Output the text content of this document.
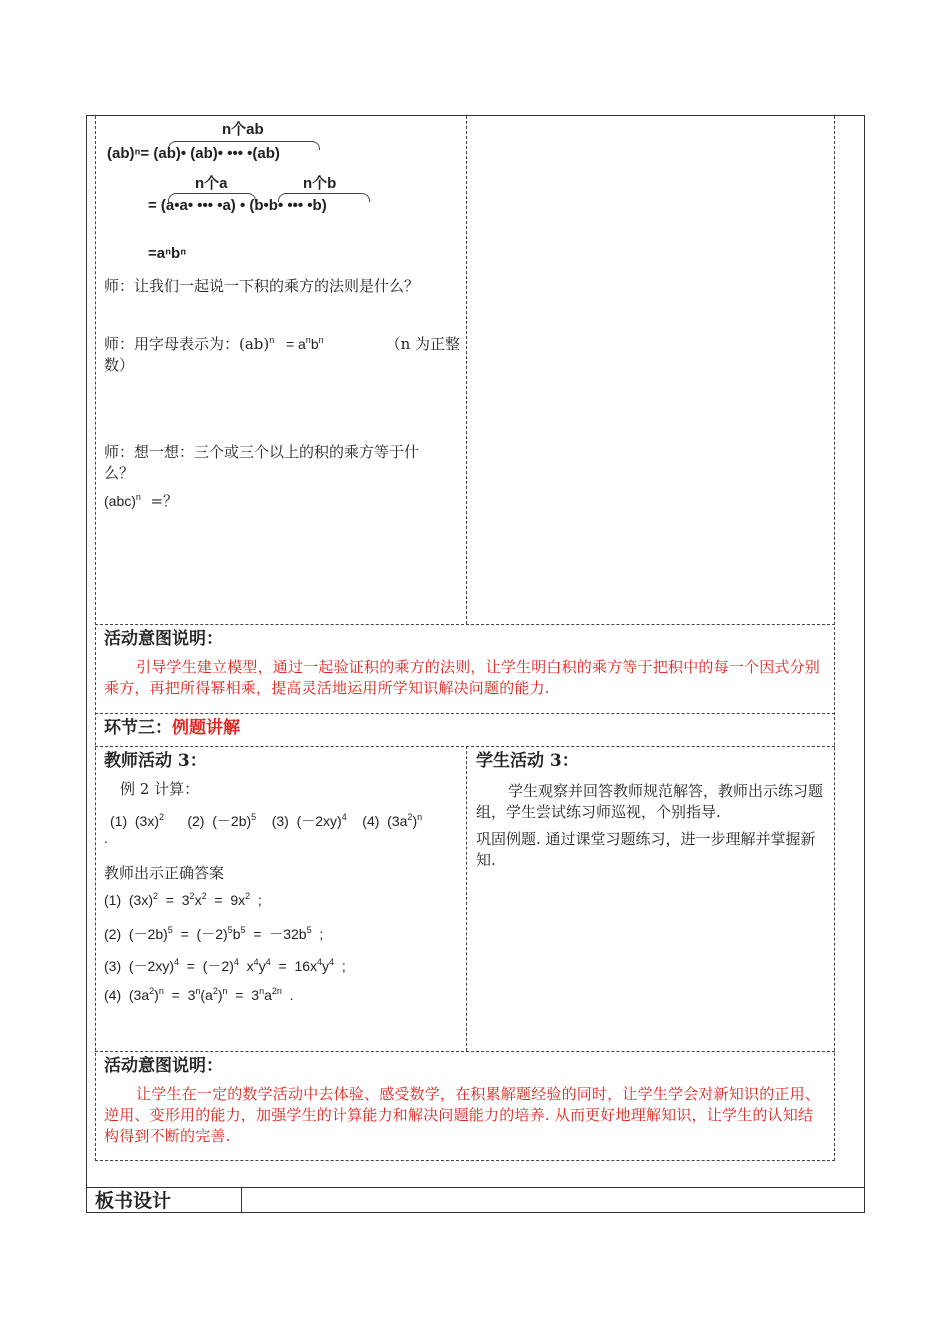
n个ab
(ab)ⁿ= (ab)• (ab)• ••• •(ab)
n个a	n个b
= (a•a• ••• •a) • (b•b• ••• •b)
=aⁿbⁿ
师：让我们一起说一下积的乘方的法则是什么？
师：用字母表示为：$(ab)^n = a^nb^n$	（n 为正整
数）
师：想一想：三个或三个以上的积的乘方等于什
么？
(abc)$^n$ =？
活动意图说明：
引导学生建立模型，通过一起验证积的乘方的法则，让学生明白积的乘方等于把积中的每一个因式分别乘方，再把所得幂相乘，提高灵活地运用所学知识解决问题的能力.
环节三：例题讲解
教师活动 3：
例 2 计算：
(1)  $(3x)^2$      (2)  $(-2b)^5$    (3)  $(-2xy)^4$    (4)  $(3a^2)^n$
.
教师出示正确答案
(1)  $(3x)^2 = 3^2x^2 = 9x^2$  ;
(2)  $(-2b)^5 = (-2)^5b^5 = -32b^5$  ;
(3)  $(-2xy)^4 = (-2)^4$  $x^4y^4 = 16x^4y^4$  ;
(4)  $(3a^2)^n = 3^n(a^2)^n = 3^na^{2n}$  .
学生活动 3：
学生观察并回答教师规范解答，教师出示练习题组，学生尝试练习师巡视，个别指导.
巩固例题. 通过课堂习题练习，进一步理解并掌握新知.
活动意图说明：
让学生在一定的数学活动中去体验、感受数学，在积累解题经验的同时，让学生学会对新知识的正用、逆用、变形用的能力，加强学生的计算能力和解决问题能力的培养. 从而更好地理解知识，让学生的认知结构得到不断的完善.
板书设计
